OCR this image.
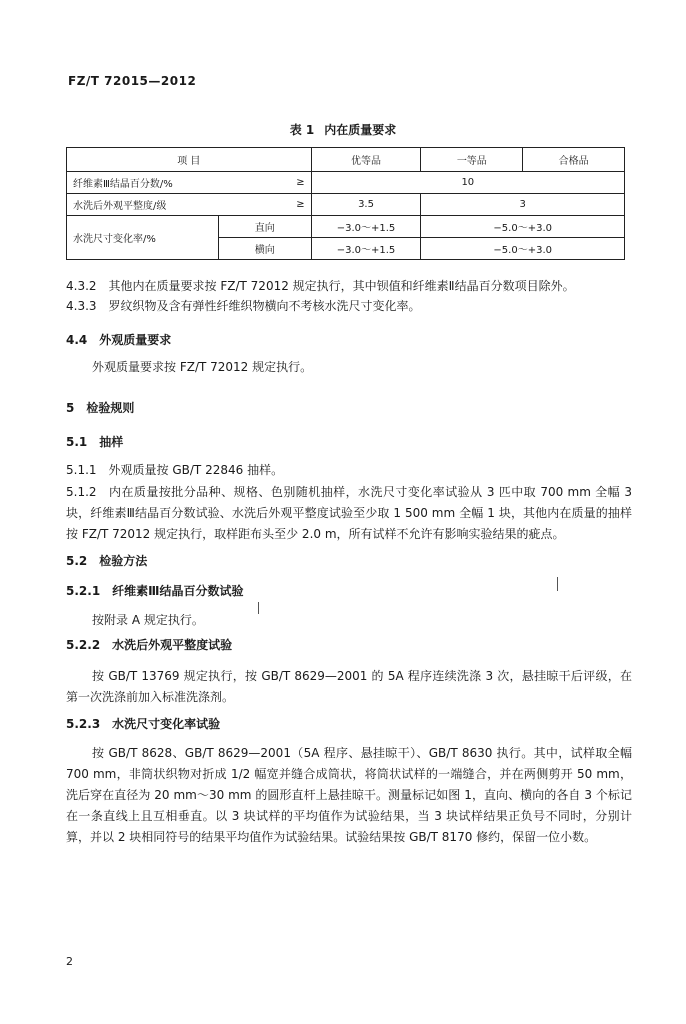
FZ/T 72015—2012
表 1 内在质量要求
项 目		优等品	一等品	合格品
纤维素Ⅲ结晶百分数/%	≥	10		
水洗后外观平整度/级	≥	3.5	3	
水洗尺寸变化率/%	直向	−3.0～+1.5	−5.0～+3.0	
	横向	−3.0～+1.5	−5.0～+3.0	
4.3.2 其他内在质量要求按 FZ/T 72012 规定执行，其中钡值和纤维素Ⅱ结晶百分数项目除外。
4.3.3 罗纹织物及含有弹性纤维织物横向不考核水洗尺寸变化率。
4.4 外观质量要求
外观质量要求按 FZ/T 72012 规定执行。
5 检验规则
5.1 抽样
5.1.1 外观质量按 GB/T 22846 抽样。
5.1.2 内在质量按批分品种、规格、色别随机抽样，水洗尺寸变化率试验从 3 匹中取 700 mm 全幅 3 块，纤维素Ⅲ结晶百分数试验、水洗后外观平整度试验至少取 1 500 mm 全幅 1 块，其他内在质量的抽样按 FZ/T 72012 规定执行，取样距布头至少 2.0 m，所有试样不允许有影响实验结果的疵点。
5.2 检验方法
5.2.1 纤维素Ⅲ结晶百分数试验
按附录 A 规定执行。
5.2.2 水洗后外观平整度试验
按 GB/T 13769 规定执行，按 GB/T 8629—2001 的 5A 程序连续洗涤 3 次，悬挂晾干后评级，在第一次洗涤前加入标准洗涤剂。
5.2.3 水洗尺寸变化率试验
按 GB/T 8628、GB/T 8629—2001（5A 程序、悬挂晾干）、GB/T 8630 执行。其中，试样取全幅 700 mm，非筒状织物对折成 1/2 幅宽并缝合成筒状，将筒状试样的一端缝合，并在两侧剪开 50 mm，洗后穿在直径为 20 mm～30 mm 的圆形直杆上悬挂晾干。测量标记如图 1，直向、横向的各自 3 个标记在一条直线上且互相垂直。以 3 块试样的平均值作为试验结果，当 3 块试样结果正负号不同时，分别计算，并以 2 块相同符号的结果平均值作为试验结果。试验结果按 GB/T 8170 修约，保留一位小数。
2
